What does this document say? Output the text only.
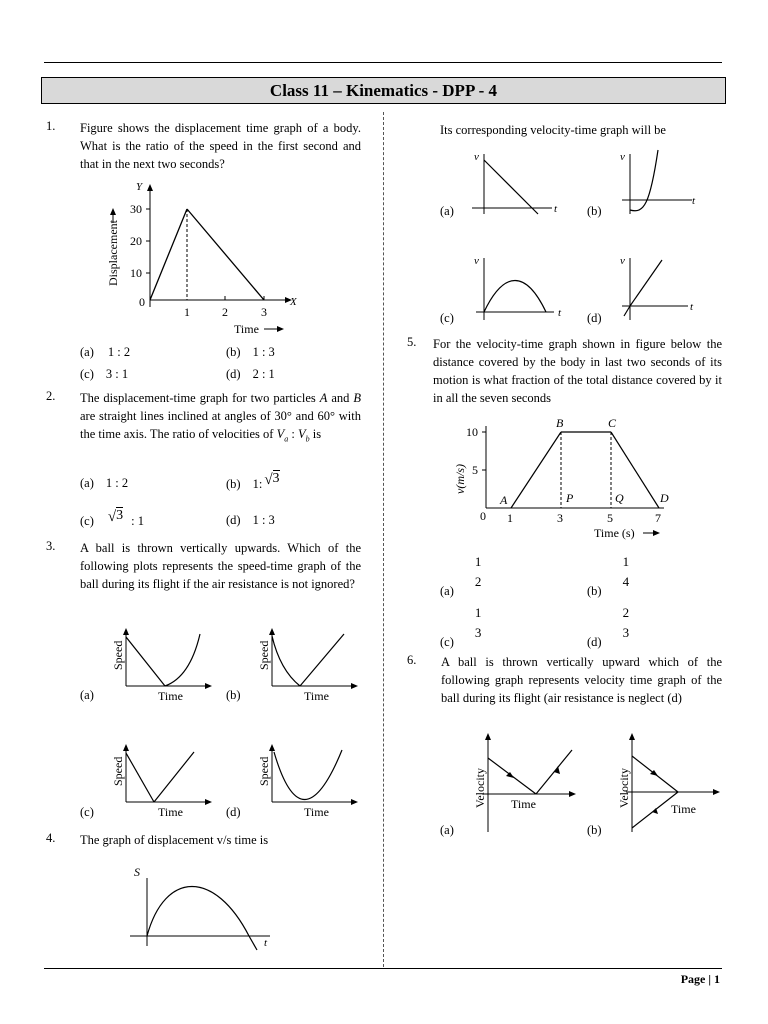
Class 11 – Kinematics - DPP - 4
1. Figure shows the displacement time graph of a body. What is the ratio of the speed in the first second and that in the next two seconds?
Y
30
20
10
0
1	2	3
X
Displacement
Time
(a) 1 : 2	(b) 1 : 3
(c) 3 : 1	(d) 2 : 1
2. The displacement-time graph for two particles A and B are straight lines inclined at angles of 30° and 60° with the time axis. The ratio of velocities of $V_a$ : $V_b$ is
(a) 1 : 2	(b) 1: √3
(c) √3 : 1	(d) 1 : 3
3. A ball is thrown vertically upwards. Which of the following plots represents the speed-time graph of the ball during its flight if the air resistance is not ignored?
Speed
Time
(a)
Speed
Time
(b)
Speed
Time
(c)
Speed
Time
(d)
4. The graph of displacement v/s time is
S
t
Its corresponding velocity-time graph will be
v
t
(a)
v
t
(b)
v
t
(c)
v
t
(d)
5. For the velocity-time graph shown in figure below the distance covered by the body in last two seconds of its motion is what fraction of the total distance covered by it in all the seven seconds
10
5
0 1	3	5	7
A
B	C
D
P	Q
v(m/s)
Time (s)
(a)
1
2
(b)
1
4
(c)
1
3
(d)
2
3
6. A ball is thrown vertically upward which of the following graph represents velocity time graph of the ball during its flight (air resistance is neglect (d)
Velocity Time
(a)
Velocity
Time
(b)
Page | 1
